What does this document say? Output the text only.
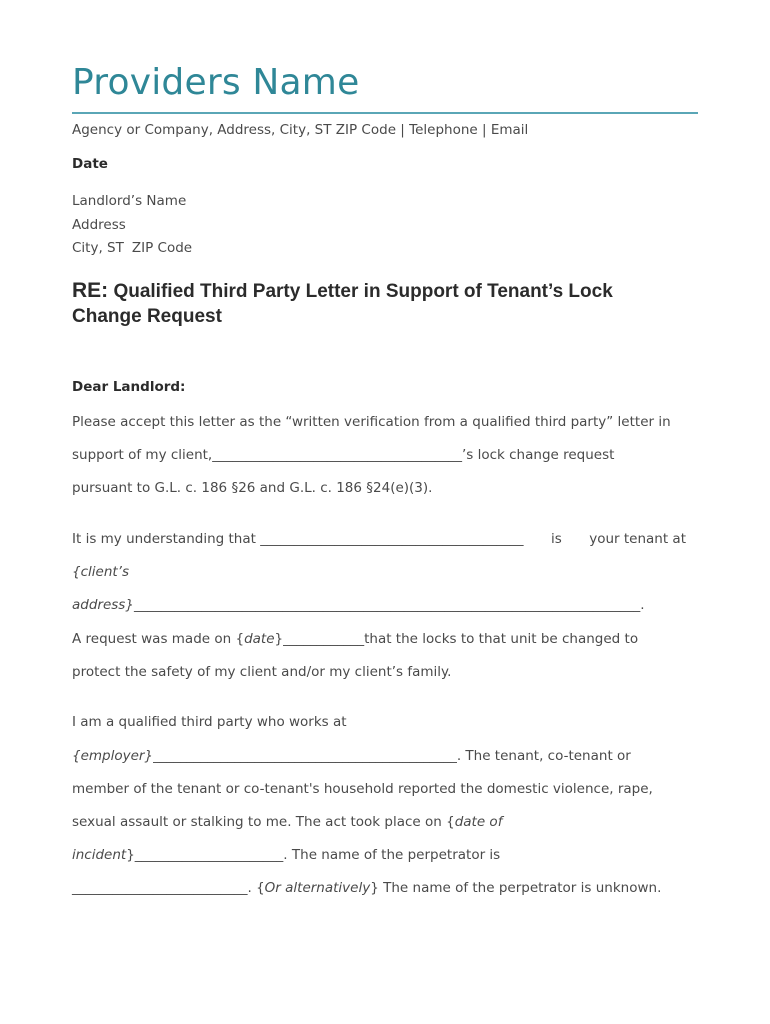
Providers Name
Agency or Company, Address, City, ST ZIP Code | Telephone | Email
Date
Landlord’s Name
Address
City, ST ZIP Code
RE: Qualified Third Party Letter in Support of Tenant’s Lock
Change Request
Dear Landlord:
Please accept this letter as the “written verification from a qualified third party” letter in
support of my client,_____________________________________’s lock change request
pursuant to G.L. c. 186 §26 and G.L. c. 186 §24(e)(3).
It is my understanding that _______________________________________ is your tenant at
{client’s
address}___________________________________________________________________________.
A request was made on {date}____________that the locks to that unit be changed to
protect the safety of my client and/or my client’s family.
I am a qualified third party who works at
{employer}_____________________________________________. The tenant, co-tenant or
member of the tenant or co-tenant's household reported the domestic violence, rape,
sexual assault or stalking to me. The act took place on {date of
incident}______________________. The name of the perpetrator is
__________________________. {Or alternatively} The name of the perpetrator is unknown.
